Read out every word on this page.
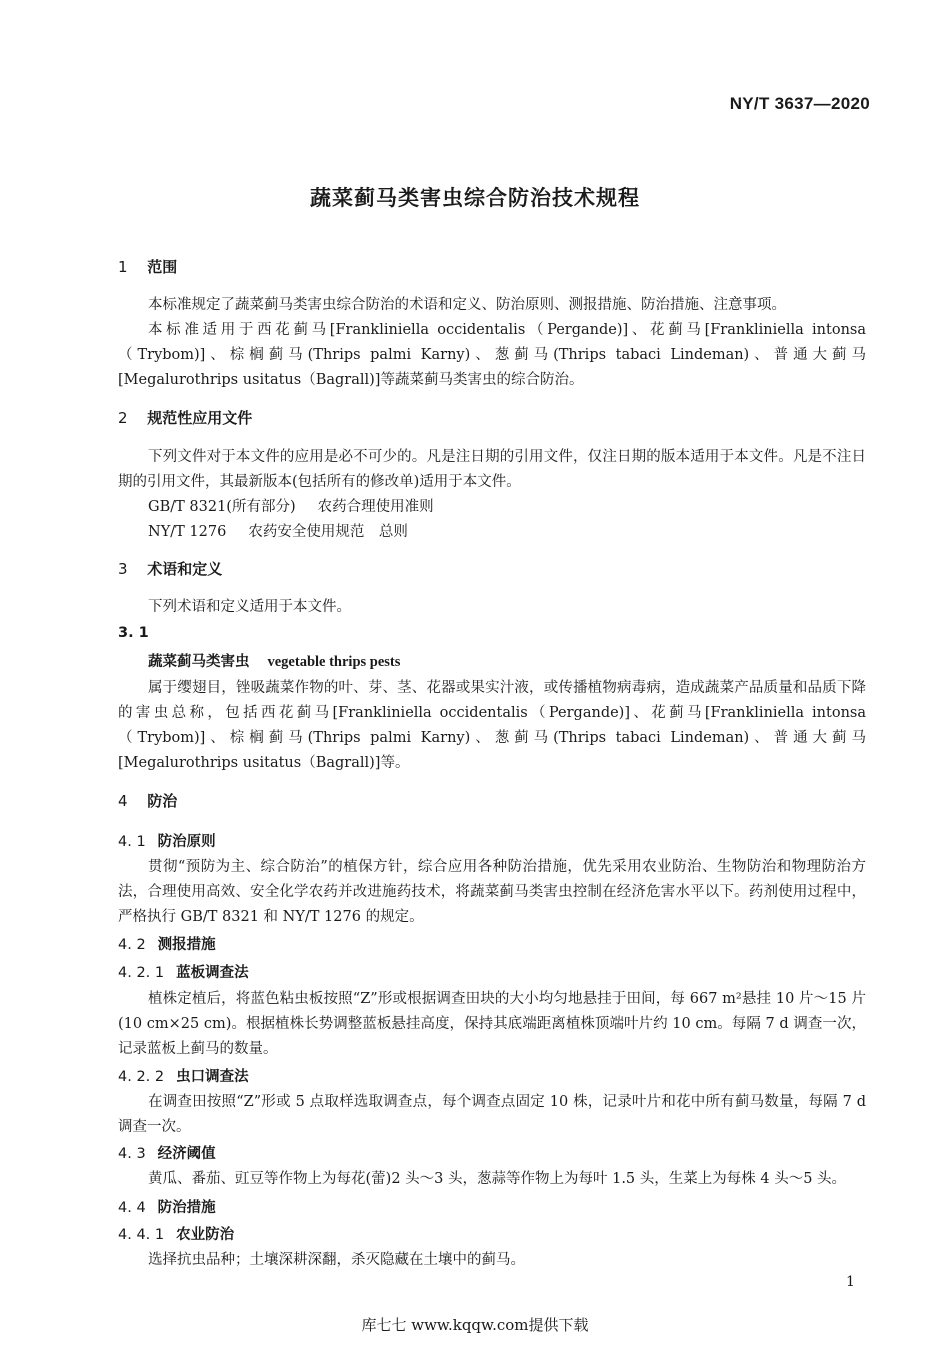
NY/T 3637—2020
蔬菜蓟马类害虫综合防治技术规程
1 范围
本标准规定了蔬菜蓟马类害虫综合防治的术语和定义、防治原则、测报措施、防治措施、注意事项。
本标准适用于西花蓟马[Frankliniella occidentalis（Pergande)]、花蓟马[Frankliniella intonsa（Trybom)]、棕榈蓟马(Thrips palmi Karny)、葱蓟马(Thrips tabaci Lindeman)、普通大蓟马[Megalurothrips usitatus（Bagrall)]等蔬菜蓟马类害虫的综合防治。
2 规范性应用文件
下列文件对于本文件的应用是必不可少的。凡是注日期的引用文件，仅注日期的版本适用于本文件。凡是不注日期的引用文件，其最新版本(包括所有的修改单)适用于本文件。
GB/T 8321(所有部分) 农药合理使用准则
NY/T 1276 农药安全使用规范　总则
3 术语和定义
下列术语和定义适用于本文件。
3. 1
蔬菜蓟马类害虫 vegetable thrips pests
属于缨翅目，锉吸蔬菜作物的叶、芽、茎、花器或果实汁液，或传播植物病毒病，造成蔬菜产品质量和品质下降的害虫总称，包括西花蓟马[Frankliniella occidentalis（Pergande)]、花蓟马[Frankliniella intonsa（Trybom)]、棕榈蓟马(Thrips palmi Karny)、葱蓟马(Thrips tabaci Lindeman)、普通大蓟马[Megalurothrips usitatus（Bagrall)]等。
4 防治
4. 1 防治原则
贯彻“预防为主、综合防治”的植保方针，综合应用各种防治措施，优先采用农业防治、生物防治和物理防治方法，合理使用高效、安全化学农药并改进施药技术，将蔬菜蓟马类害虫控制在经济危害水平以下。药剂使用过程中，严格执行 GB/T 8321 和 NY/T 1276 的规定。
4. 2 测报措施
4. 2. 1 蓝板调查法
植株定植后，将蓝色粘虫板按照“Z”形或根据调查田块的大小均匀地悬挂于田间，每 667 m²悬挂 10 片～15 片(10 cm×25 cm)。根据植株长势调整蓝板悬挂高度，保持其底端距离植株顶端叶片约 10 cm。每隔 7 d 调查一次，记录蓝板上蓟马的数量。
4. 2. 2 虫口调查法
在调查田按照“Z”形或 5 点取样选取调查点，每个调查点固定 10 株，记录叶片和花中所有蓟马数量，每隔 7 d 调查一次。
4. 3 经济阈值
黄瓜、番茄、豇豆等作物上为每花(蕾)2 头～3 头，葱蒜等作物上为每叶 1.5 头，生菜上为每株 4 头～5 头。
4. 4 防治措施
4. 4. 1 农业防治
选择抗虫品种；土壤深耕深翻，杀灭隐藏在土壤中的蓟马。
1
库七七 www.kqqw.com提供下载
